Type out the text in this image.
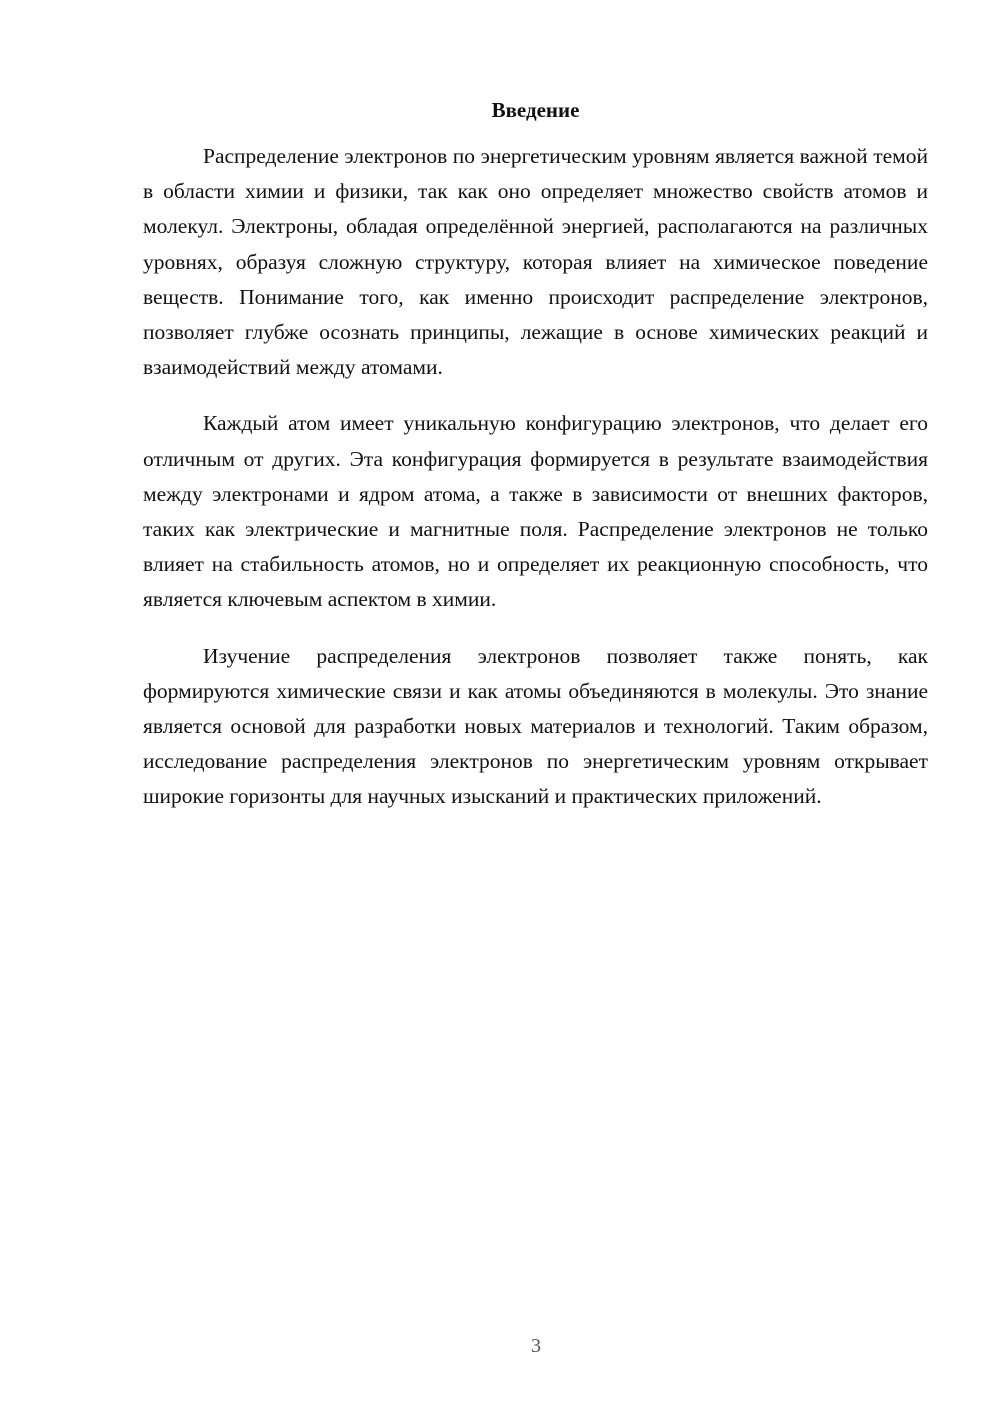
Введение

Распределение электронов по энергетическим уровням является важной темой в области химии и физики, так как оно определяет множество свойств атомов и молекул. Электроны, обладая определённой энергией, располагаются на различных уровнях, образуя сложную структуру, которая влияет на химическое поведение веществ. Понимание того, как именно происходит распределение электронов, позволяет глубже осознать принципы, лежащие в основе химических реакций и взаимодействий между атомами.

Каждый атом имеет уникальную конфигурацию электронов, что делает его отличным от других. Эта конфигурация формируется в результате взаимодействия между электронами и ядром атома, а также в зависимости от внешних факторов, таких как электрические и магнитные поля. Распределение электронов не только влияет на стабильность атомов, но и определяет их реакционную способность, что является ключевым аспектом в химии.

Изучение распределения электронов позволяет также понять, как формируются химические связи и как атомы объединяются в молекулы. Это знание является основой для разработки новых материалов и технологий. Таким образом, исследование распределения электронов по энергетическим уровням открывает широкие горизонты для научных изысканий и практических приложений.

3
